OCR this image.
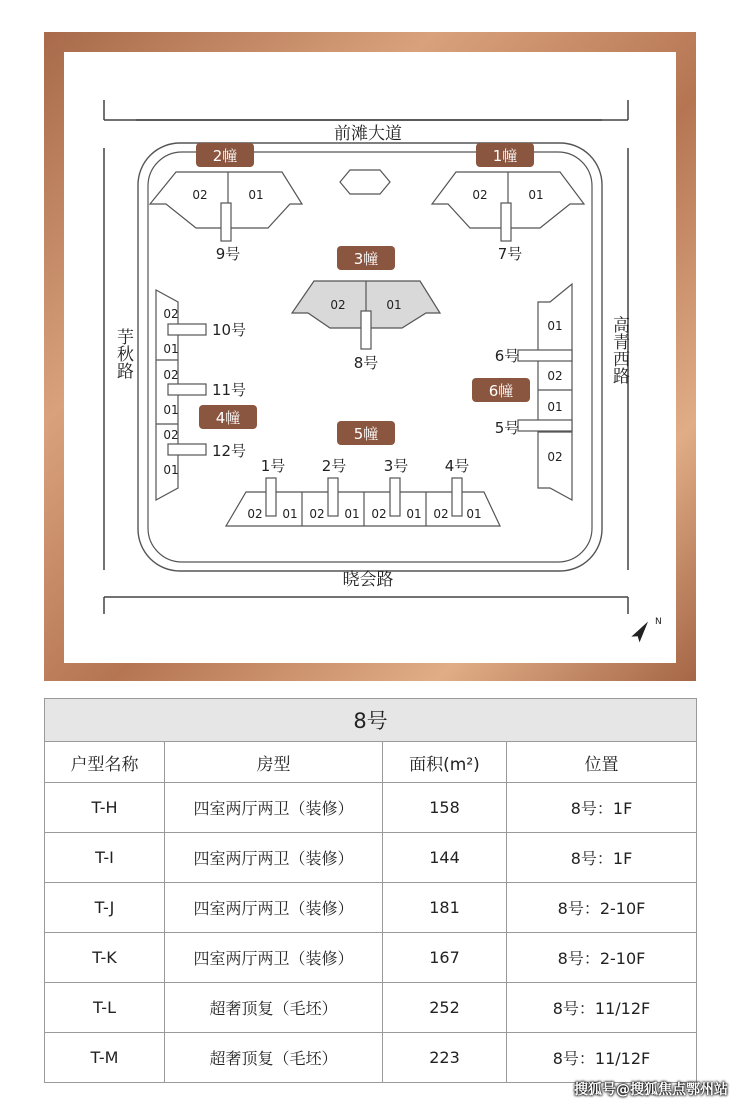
N
前滩大道
晓会路
1幢
2幢
3幢
4幢
5幢
6幢
1号 2号 3号 4号
5号
6号
7号
8号
9号
10号
11号
12号
02	01	02	01
02	01
02
01
02
01
02
01
01
02
01
02
02 01 02 01 02 01 02 01
芋秋路	高青西路
8号			
户型名称	房型	面积(m²)	位置
T-H	四室两厅两卫（装修）	158	8号：1F
T-I	四室两厅两卫（装修）	144	8号：1F
T-J	四室两厅两卫（装修）	181	8号：2-10F
T-K	四室两厅两卫（装修）	167	8号：2-10F
T-L	超奢顶复（毛坯）	252	8号：11/12F
T-M	超奢顶复（毛坯）	223	8号：11/12F
搜狐号@搜狐焦点鄂州站
